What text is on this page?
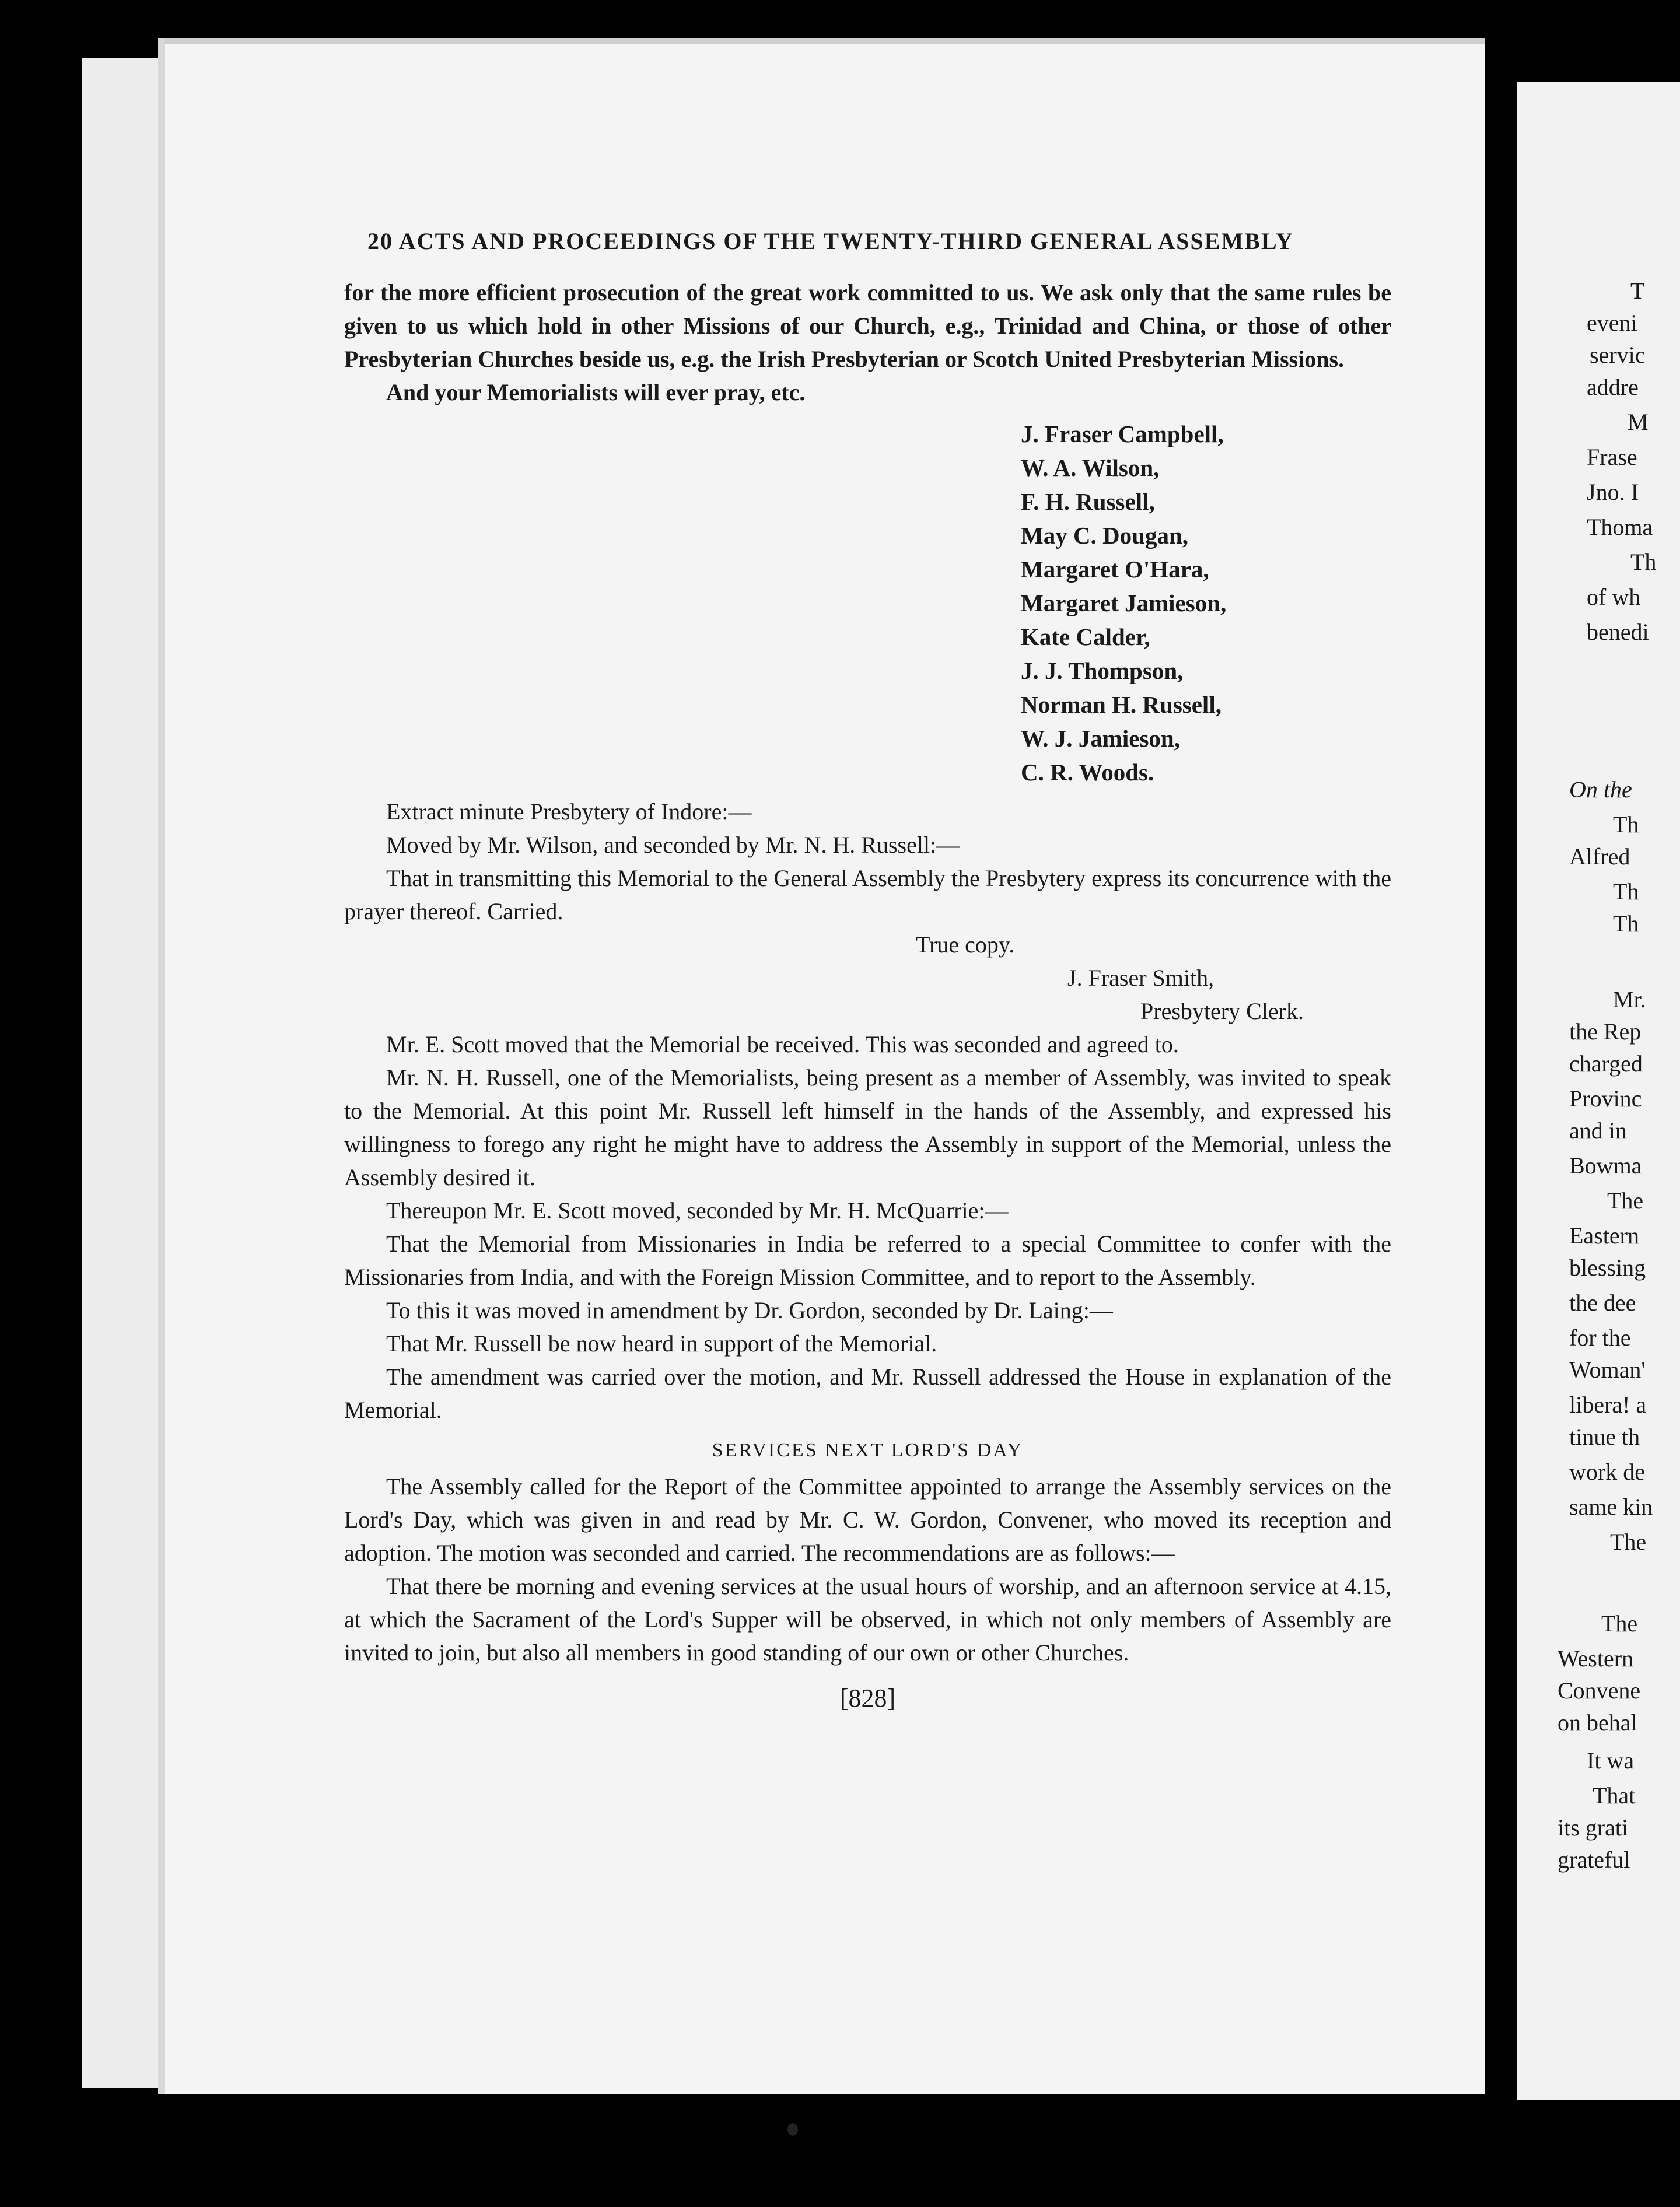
20 ACTS AND PROCEEDINGS OF THE TWENTY-THIRD GENERAL ASSEMBLY

for the more efficient prosecution of the great work committed to us. We ask only that the same rules be given to us which hold in other Missions of our Church, e.g., Trinidad and China, or those of other Presbyterian Churches beside us, e.g. the Irish Presbyterian or Scotch United Presbyterian Missions.

And your Memorialists will ever pray, etc.

J. Fraser Campbell,
W. A. Wilson,
F. H. Russell,
May C. Dougan,
Margaret O'Hara,
Margaret Jamieson,
Kate Calder,
J. J. Thompson,
Norman H. Russell,
W. J. Jamieson,
C. R. Woods.

Extract minute Presbytery of Indore:—

Moved by Mr. Wilson, and seconded by Mr. N. H. Russell:—

That in transmitting this Memorial to the General Assembly the Presbytery express its concurrence with the prayer thereof. Carried.

True copy.

J. Fraser Smith,

Presbytery Clerk.

Mr. E. Scott moved that the Memorial be received. This was seconded and agreed to.

Mr. N. H. Russell, one of the Memorialists, being present as a member of Assembly, was invited to speak to the Memorial. At this point Mr. Russell left himself in the hands of the Assembly, and expressed his willingness to forego any right he might have to address the Assembly in support of the Memorial, unless the Assembly desired it.

Thereupon Mr. E. Scott moved, seconded by Mr. H. McQuarrie:—

That the Memorial from Missionaries in India be referred to a special Committee to confer with the Missionaries from India, and with the Foreign Mission Committee, and to report to the Assembly.

To this it was moved in amendment by Dr. Gordon, seconded by Dr. Laing:—

That Mr. Russell be now heard in support of the Memorial.

The amendment was carried over the motion, and Mr. Russell addressed the House in explanation of the Memorial.

SERVICES NEXT LORD'S DAY

The Assembly called for the Report of the Committee appointed to arrange the Assembly services on the Lord's Day, which was given in and read by Mr. C. W. Gordon, Convener, who moved its reception and adoption. The motion was seconded and carried. The recommendations are as follows:—

That there be morning and evening services at the usual hours of worship, and an afternoon service at 4.15, at which the Sacrament of the Lord's Supper will be observed, in which not only members of Assembly are invited to join, but also all members in good standing of our own or other Churches.

[828]

T

eveni

servic

addre

M

Frase

Jno. I

Thoma

Th

of wh

benedi

On the

Th

Alfred

Th

Th

Mr.

the Rep

charged

Provinc

and in

Bowma

The

Eastern

blessing

the dee

for the

Woman'

libera! a

tinue th

work de

same kin

The

The

Western

Convene

on behal

It wa

That

its grati

grateful
